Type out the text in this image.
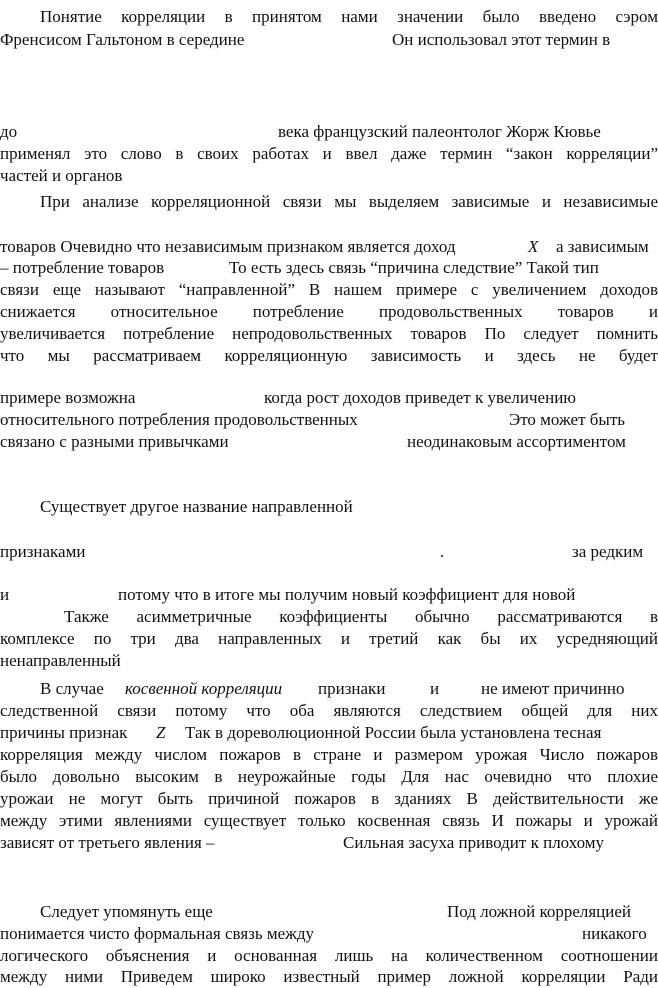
Понятие корреляции в принятом нами значении было введено сэром
Френсисом Гальтоном в середине	Он использовал этот термин в
до	века французский палеонтолог Жорж Кювье
применял это слово в своих работах и ввел даже термин “закон корреляции”
частей и органов
При анализе корреляционной связи мы выделяем зависимые и независимые
товаров Очевидно что независимым признаком является доход	X а зависимым
– потребление товаров	То есть здесь связь “причина следствие” Такой тип
связи еще называют “направленной” В нашем примере с увеличением доходов
снижается относительное потребление продовольственных товаров и
увеличивается потребление непродовольственных товаров По следует помнить
что мы рассматриваем корреляционную зависимость и здесь не будет
примере возможна	когда рост доходов приведет к увеличению
относительного потребления продовольственных	Это может быть
связано с разными привычками	неодинаковым ассортиментом
Существует другое название направленной
признаками	.	за редким
и	потому что в итоге мы получим новый коэффициент для новой
Также асимметричные коэффициенты обычно рассматриваются в
комплексе по три два направленных и третий как бы их усредняющий
ненаправленный
В случае косвенной корреляции признаки	и не имеют причинно
следственной связи потому что оба являются следствием общей для них
причины признак Z Так в дореволюционной России была установлена тесная
корреляция между числом пожаров в стране и размером урожая Число пожаров
было довольно высоким в неурожайные годы Для нас очевидно что плохие
урожаи не могут быть причиной пожаров в зданиях В действительности же
между этими явлениями существует только косвенная связь И пожары и урожай
зависят от третьего явления –	Сильная засуха приводит к плохому
Следует упомянуть еще	Под ложной корреляцией
понимается чисто формальная связь между	никакого
логического объяснения и основанная лишь на количественном соотношении
между ними Приведем широко известный пример ложной корреляции Ради
